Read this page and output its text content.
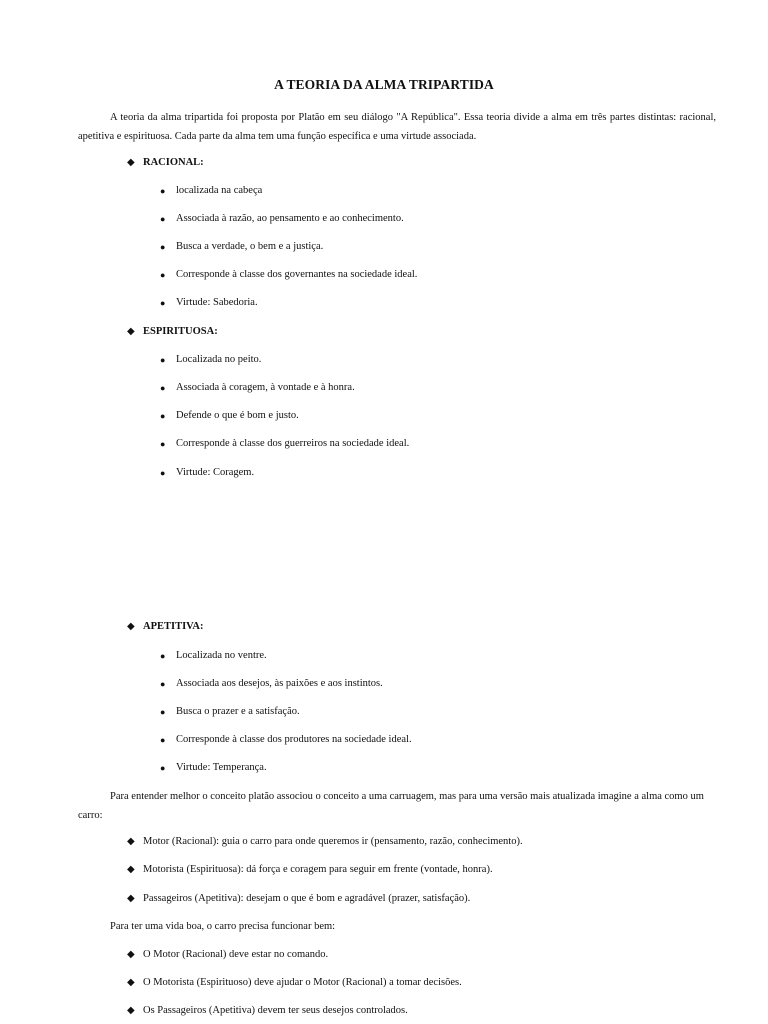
A TEORIA DA ALMA TRIPARTIDA
A teoria da alma tripartida foi proposta por Platão em seu diálogo "A República". Essa teoria divide a alma em três partes distintas: racional, apetitiva e espirituosa. Cada parte da alma tem uma função específica e uma virtude associada.
◆ RACIONAL:
● localizada na cabeça
● Associada à razão, ao pensamento e ao conhecimento.
● Busca a verdade, o bem e a justiça.
● Corresponde à classe dos governantes na sociedade ideal.
● Virtude: Sabedoria.
◆ ESPIRITUOSA:
● Localizada no peito.
● Associada à coragem, à vontade e à honra.
● Defende o que é bom e justo.
● Corresponde à classe dos guerreiros na sociedade ideal.
● Virtude: Coragem.
◆ APETITIVA:
● Localizada no ventre.
● Associada aos desejos, às paixões e aos instintos.
● Busca o prazer e a satisfação.
● Corresponde à classe dos produtores na sociedade ideal.
● Virtude: Temperança.
Para entender melhor o conceito platão associou o conceito a uma carruagem, mas para uma versão mais atualizada imagine a alma como um carro:
◆ Motor (Racional): guia o carro para onde queremos ir (pensamento, razão, conhecimento).
◆ Motorista (Espirituosa): dá força e coragem para seguir em frente (vontade, honra).
◆ Passageiros (Apetitiva): desejam o que é bom e agradável (prazer, satisfação).
Para ter uma vida boa, o carro precisa funcionar bem:
◆ O Motor (Racional) deve estar no comando.
◆ O Motorista (Espirituoso) deve ajudar o Motor (Racional) a tomar decisões.
◆ Os Passageiros (Apetitiva) devem ter seus desejos controlados.
